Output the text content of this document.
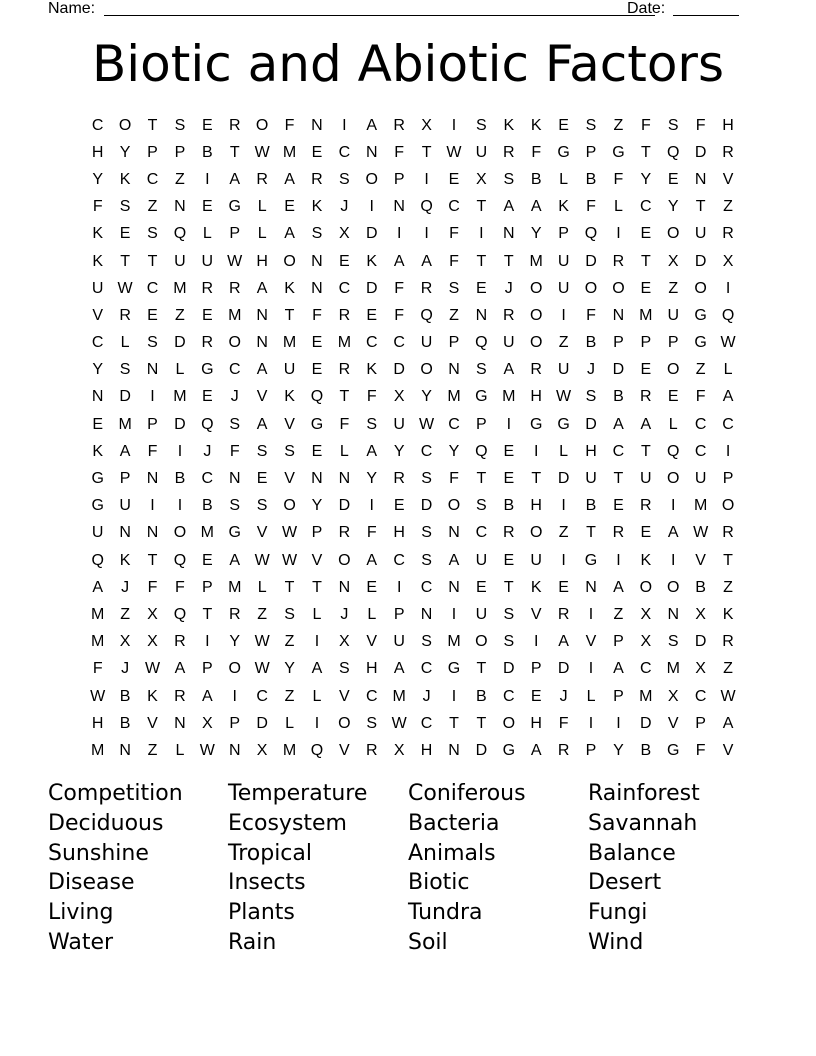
Name:	Date:
Biotic and Abiotic Factors
C O	T	S	E	R O	F	N	I	A	R	X	I	S	K	K	E	S	Z	F	S	F	H
H	Y	P	P	B	T W M E	C N	F	T W U R	F	G P G	T	Q D R
Y	K	C	Z	I	A	R	A	R	S O P	I	E	X	S	B	L	B	F	Y	E	N	V
F	S	Z	N	E G	L	E	K	J	I	N Q C	T	A	A	K	F	L	C	Y	T	Z
K	E	S Q	L	P	L	A	S	X	D	I	I	F	I	N	Y	P Q	I	E O U R
K	T	T	U U W H O N	E	K	A	A	F	T	T M U D R	T	X	D	X
U W C M R R	A	K	N C D	F	R	S	E	J	O U O O E	Z	O	I
V	R	E	Z	E M N	T	F	R	E	F	Q	Z	N R O	I	F	N M U G Q
C	L	S	D R O N M E M C C U	P Q U O	Z	B	P	P	P G W
Y	S	N	L	G C	A	U	E	R	K	D O N	S	A	R U	J	D	E O	Z	L
N D	I	M E	J	V	K Q	T	F	X	Y M G M H W S	B	R	E	F	A
E M P	D Q S	A	V G	F	S	U W C	P	I	G G D	A	A	L	C C
K	A	F	I	J	F	S	S	E	L	A	Y	C	Y Q E	I	L	H C	T	Q C	I
G P	N	B	C N	E	V	N N	Y	R	S	F	T	E	T	D U	T	U O U	P
G U	I	I	B	S	S O Y	D	I	E	D O S	B	H	I	B	E	R	I	M O
U N N O M G V W P	R	F	H	S	N C R O	Z	T	R	E	A W R
Q K	T	Q E	A W W V O A	C	S	A	U	E	U	I	G	I	K	I	V	T
A	J	F	F	P M	L	T	T	N	E	I	C N	E	T	K	E	N	A O O B	Z
M Z	X Q	T	R	Z	S	L	J	L	P	N	I	U	S	V	R	I	Z	X	N	X	K
M X	X	R	I	Y W Z	I	X	V	U	S M O S	I	A	V	P	X	S	D R
F	J W A	P O W Y	A	S	H	A	C G	T	D	P	D	I	A	C M X	Z
W B	K	R	A	I	C	Z	L	V	C M	J	I	B	C	E	J	L	P M X	C W
H	B	V	N	X	P	D	L	I	O S W C	T	T	O H	F	I	I	D	V	P	A
M N	Z	L W N	X M Q V	R	X	H N D G A	R	P	Y	B G	F	V
Competition	Temperature	Coniferous	Rainforest
Deciduous	Ecosystem	Bacteria	Savannah
Sunshine	Tropical	Animals	Balance
Disease	Insects	Biotic	Desert
Living	Plants	Tundra	Fungi
Water	Rain	Soil	Wind
